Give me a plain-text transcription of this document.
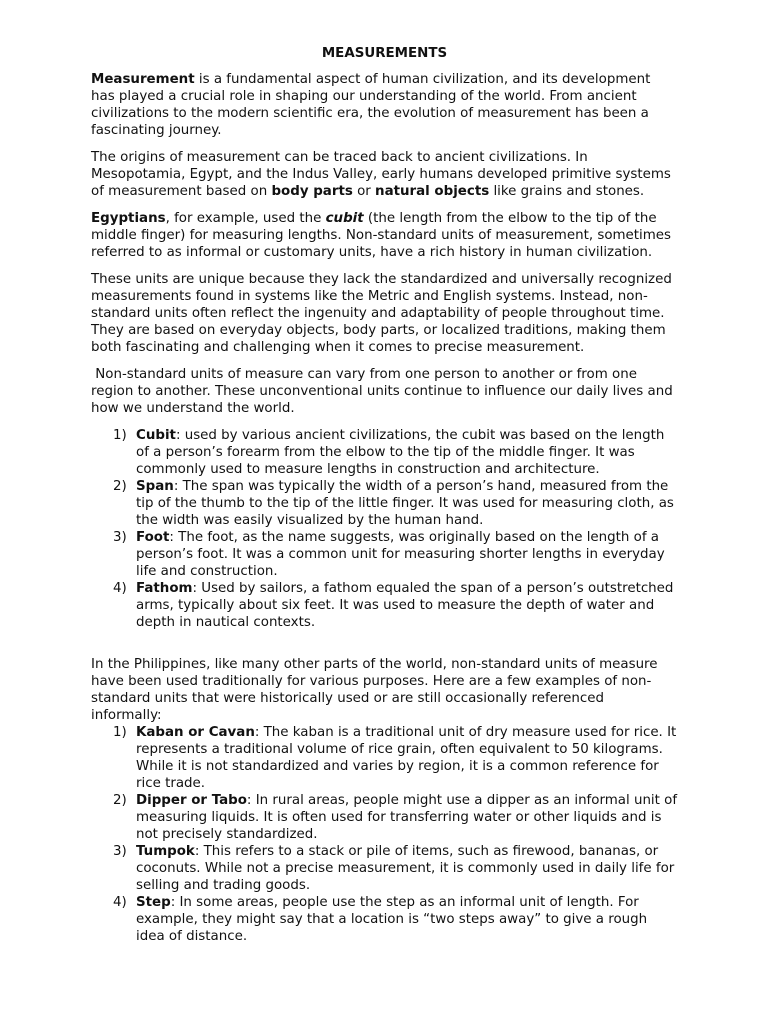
MEASUREMENTS

Measurement is a fundamental aspect of human civilization, and its development has played a crucial role in shaping our understanding of the world. From ancient civilizations to the modern scientific era, the evolution of measurement has been a fascinating journey.

The origins of measurement can be traced back to ancient civilizations. In Mesopotamia, Egypt, and the Indus Valley, early humans developed primitive systems of measurement based on body parts or natural objects like grains and stones.

Egyptians, for example, used the cubit (the length from the elbow to the tip of the middle finger) for measuring lengths. Non-standard units of measurement, sometimes referred to as informal or customary units, have a rich history in human civilization.

These units are unique because they lack the standardized and universally recognized measurements found in systems like the Metric and English systems. Instead, non-standard units often reflect the ingenuity and adaptability of people throughout time. They are based on everyday objects, body parts, or localized traditions, making them both fascinating and challenging when it comes to precise measurement.

Non-standard units of measure can vary from one person to another or from one region to another. These unconventional units continue to influence our daily lives and how we understand the world.

1) Cubit: used by various ancient civilizations, the cubit was based on the length of a person’s forearm from the elbow to the tip of the middle finger. It was commonly used to measure lengths in construction and architecture.
2) Span: The span was typically the width of a person’s hand, measured from the tip of the thumb to the tip of the little finger. It was used for measuring cloth, as the width was easily visualized by the human hand.
3) Foot: The foot, as the name suggests, was originally based on the length of a person’s foot. It was a common unit for measuring shorter lengths in everyday life and construction.
4) Fathom: Used by sailors, a fathom equaled the span of a person’s outstretched arms, typically about six feet. It was used to measure the depth of water and depth in nautical contexts.

In the Philippines, like many other parts of the world, non-standard units of measure have been used traditionally for various purposes. Here are a few examples of non-standard units that were historically used or are still occasionally referenced informally:

1) Kaban or Cavan: The kaban is a traditional unit of dry measure used for rice. It represents a traditional volume of rice grain, often equivalent to 50 kilograms. While it is not standardized and varies by region, it is a common reference for rice trade.
2) Dipper or Tabo: In rural areas, people might use a dipper as an informal unit of measuring liquids. It is often used for transferring water or other liquids and is not precisely standardized.
3) Tumpok: This refers to a stack or pile of items, such as firewood, bananas, or coconuts. While not a precise measurement, it is commonly used in daily life for selling and trading goods.
4) Step: In some areas, people use the step as an informal unit of length. For example, they might say that a location is “two steps away” to give a rough idea of distance.
